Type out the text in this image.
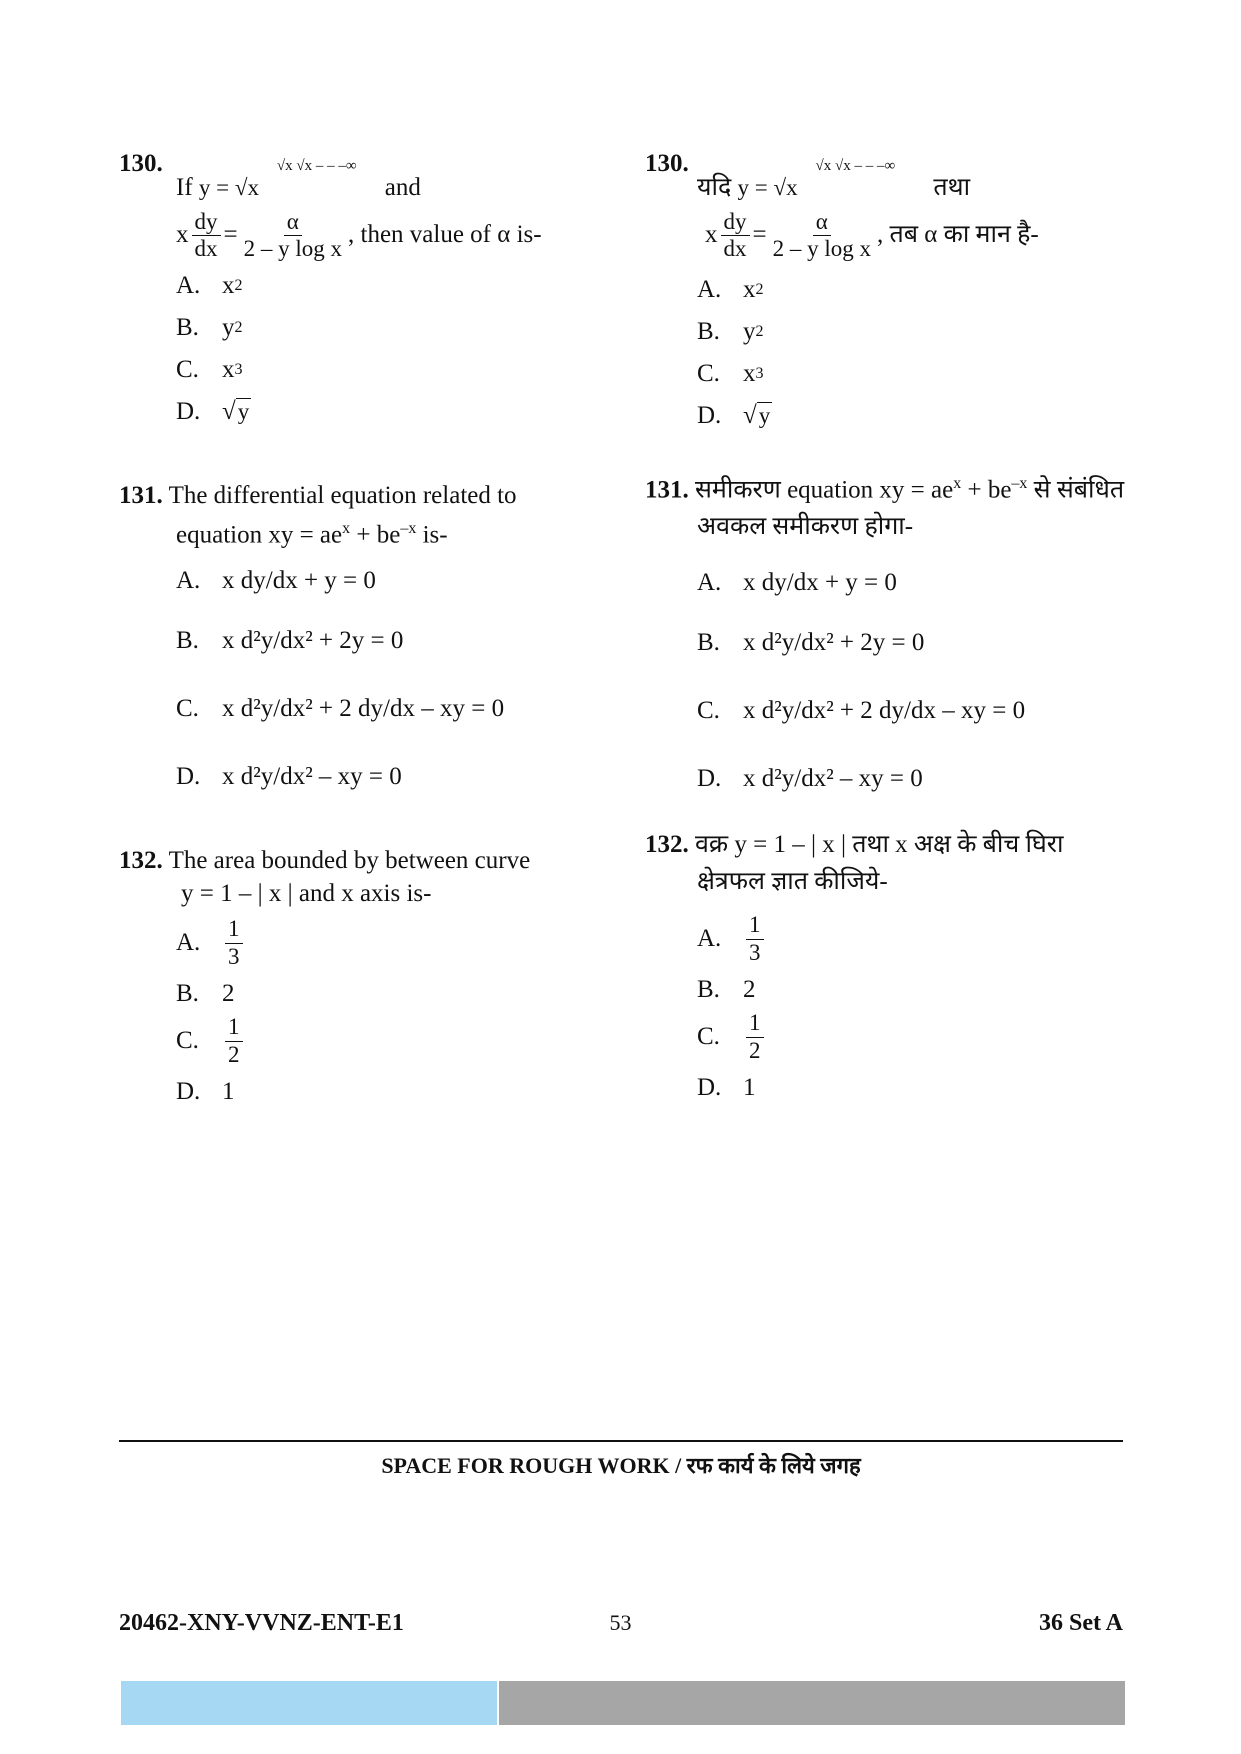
130.
If y = √x
√x √x ‒ ‒ ‒∞
and
x $\frac{dy}{dx} = \frac{\alpha}{\text{2 – y log x}}$ , then value of α is-
A. x 2
B. y 2
C. x 3
D. √ y
131. The differential equation related to
equation xy = $ae^x + be^{-x}$ is-
A. x dy/dx + y = 0
B. x d²y/dx² + 2y = 0
C. x d²y/dx² + 2 dy/dx – xy = 0
D. x d²y/dx² – xy = 0
132. The area bounded by between curve
y = 1 – | x | and x axis is-
A.	$\frac{1}{3}$
B. 2
C.	$\frac{1}{2}$
D. 1
130.
यदि y = √x
√x √x ‒ ‒ ‒∞
तथा
x $\frac{dy}{dx} = \frac{\alpha}{\text{2 – y log x}}$ , तब α का मान है-
A. x 2
B. y 2
C. x 3
D. √ y
131. समीकरण equation xy = $ae^x + be^{-x}$ से संबंधित
अवकल समीकरण होगा-
A. x dy/dx + y = 0
B. x d²y/dx² + 2y = 0
C. x d²y/dx² + 2 dy/dx – xy = 0
D. x d²y/dx² – xy = 0
132. वक्र y = 1 – | x | तथा x अक्ष के बीच घिरा
क्षेत्रफल ज्ञात कीजिये-
A.	$\frac{1}{3}$
B. 2
C.	$\frac{1}{2}$
D. 1
SPACE FOR ROUGH WORK / रफ कार्य के लिये जगह
20462-XNY-VVNZ-ENT-E1	53	36 Set A
